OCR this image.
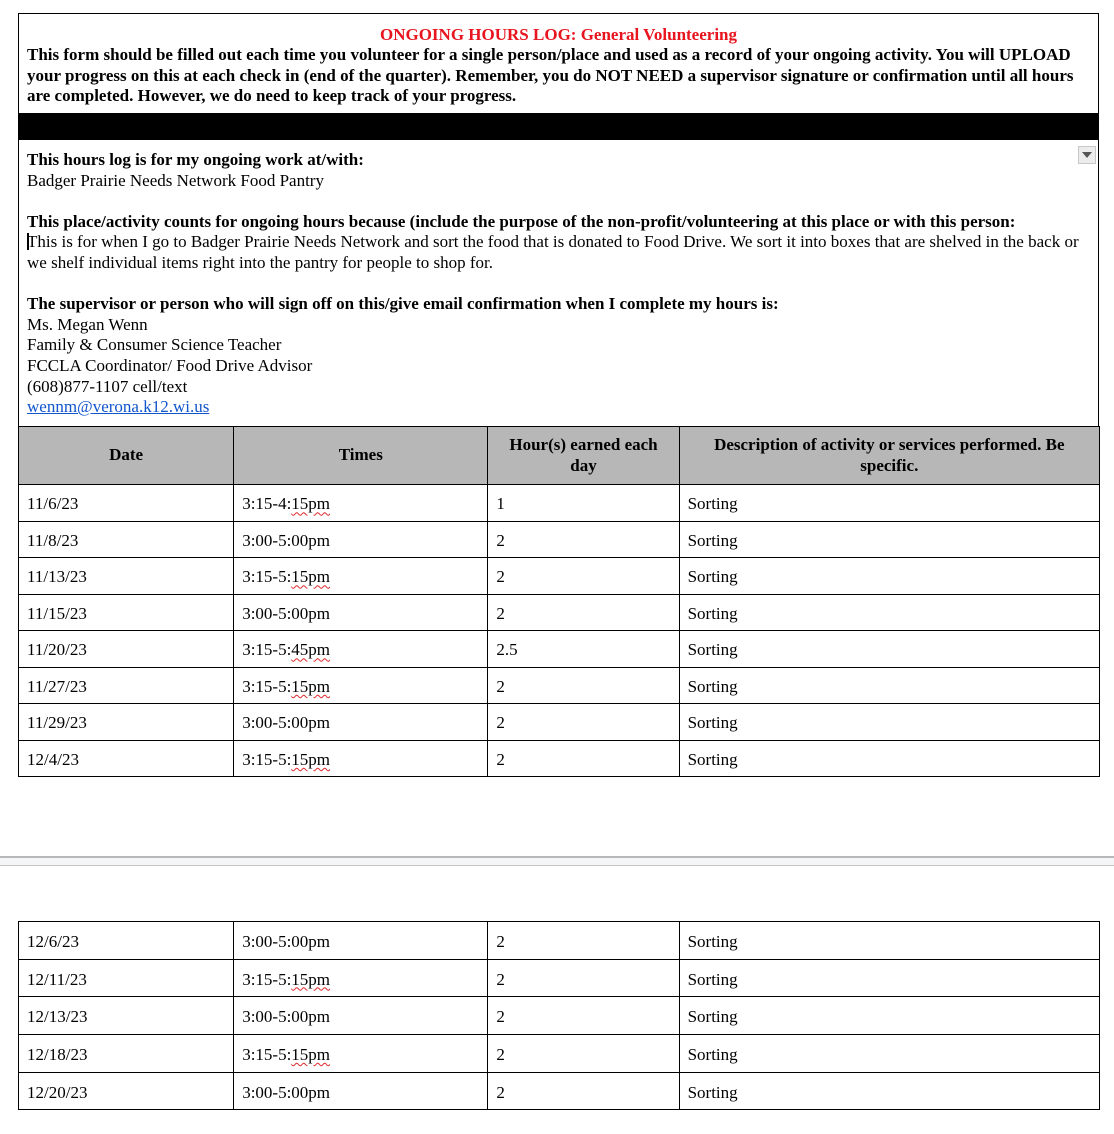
ONGOING HOURS LOG: General Volunteering
This form should be filled out each time you volunteer for a single person/place and used as a record of your ongoing activity. You will UPLOAD your progress on this at each check in (end of the quarter). Remember, you do NOT NEED a supervisor signature or confirmation until all hours are completed. However, we do need to keep track of your progress.
This hours log is for my ongoing work at/with:
Badger Prairie Needs Network Food Pantry
This place/activity counts for ongoing hours because (include the purpose of the non-profit/volunteering at this place or with this person:
This is for when I go to Badger Prairie Needs Network and sort the food that is donated to Food Drive. We sort it into boxes that are shelved in the back or we shelf individual items right into the pantry for people to shop for.
The supervisor or person who will sign off on this/give email confirmation when I complete my hours is:
Ms. Megan Wenn
Family & Consumer Science Teacher
FCCLA Coordinator/ Food Drive Advisor
(608)877-1107 cell/text
wennm@verona.k12.wi.us
Date	Times	Hour(s) earned each day	Description of activity or services performed. Be specific.
11/6/23	3:15-4:15pm	1	Sorting
11/8/23	3:00-5:00pm	2	Sorting
11/13/23	3:15-5:15pm	2	Sorting
11/15/23	3:00-5:00pm	2	Sorting
11/20/23	3:15-5:45pm	2.5	Sorting
11/27/23	3:15-5:15pm	2	Sorting
11/29/23	3:00-5:00pm	2	Sorting
12/4/23	3:15-5:15pm	2	Sorting
12/6/23	3:00-5:00pm	2	Sorting
12/11/23	3:15-5:15pm	2	Sorting
12/13/23	3:00-5:00pm	2	Sorting
12/18/23	3:15-5:15pm	2	Sorting
12/20/23	3:00-5:00pm	2	Sorting
